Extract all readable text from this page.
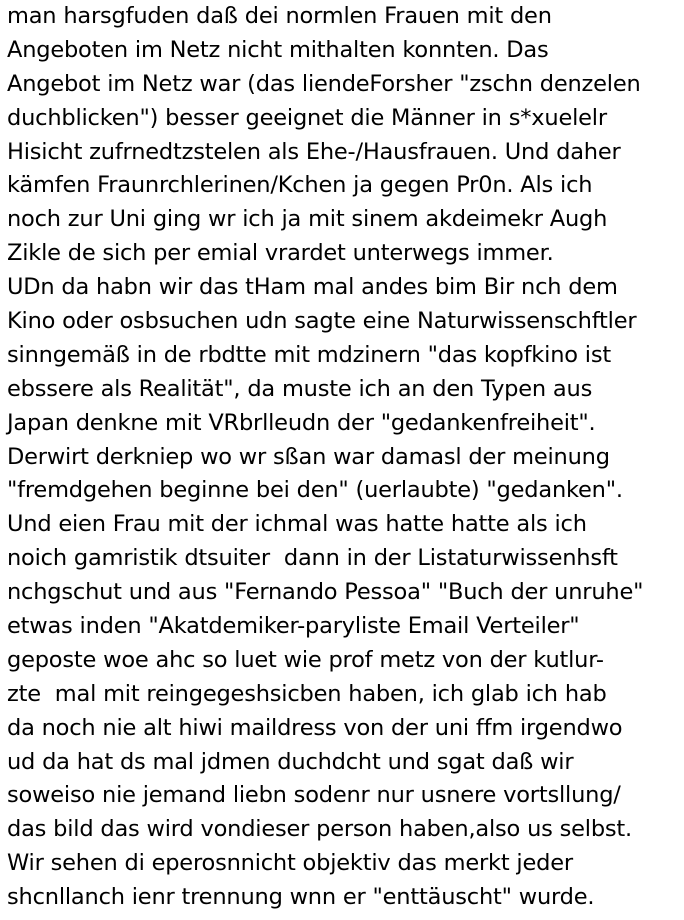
man harsgfuden daß dei normlen Frauen mit den
Angeboten im Netz nicht mithalten konnten. Das
Angebot im Netz war (das liendeForsher "zschn denzelen
duchblicken") besser geeignet die Männer in s*xuelelr
Hisicht zufrnedtzstelen als Ehe-/Hausfrauen. Und daher
kämfen Fraunrchlerinen/Kchen ja gegen Pr0n. Als ich
noch zur Uni ging wr ich ja mit sinem akdeimekr Augh
Zikle de sich per emial vrardet unterwegs immer.
UDn da habn wir das tHam mal andes bim Bir nch dem
Kino oder osbsuchen udn sagte eine Naturwissenschftler
sinngemäß in de rbdtte mit mdzinern "das kopfkino ist
ebssere als Realität", da muste ich an den Typen aus
Japan denkne mit VRbrlleudn der "gedankenfreiheit".
Derwirt derkniep wo wr sßan war damasl der meinung
"fremdgehen beginne bei den" (uerlaubte) "gedanken".
Und eien Frau mit der ichmal was hatte hatte als ich
noich gamristik dtsuiter  dann in der Listaturwissenhsft
nchgschut und aus "Fernando Pessoa" "Buch der unruhe"
etwas inden "Akatdemiker-paryliste Email Verteiler"
geposte woe ahc so luet wie prof metz von der kutlur-
zte  mal mit reingegeshsicben haben, ich glab ich hab
da noch nie alt hiwi maildress von der uni ffm irgendwo
ud da hat ds mal jdmen duchdcht und sgat daß wir
soweiso nie jemand liebn sodenr nur usnere vortsllung/
das bild das wird vondieser person haben,also us selbst.
Wir sehen di eperosnnicht objektiv das merkt jeder
shcnllanch ienr trennung wnn er "enttäuscht" wurde.
